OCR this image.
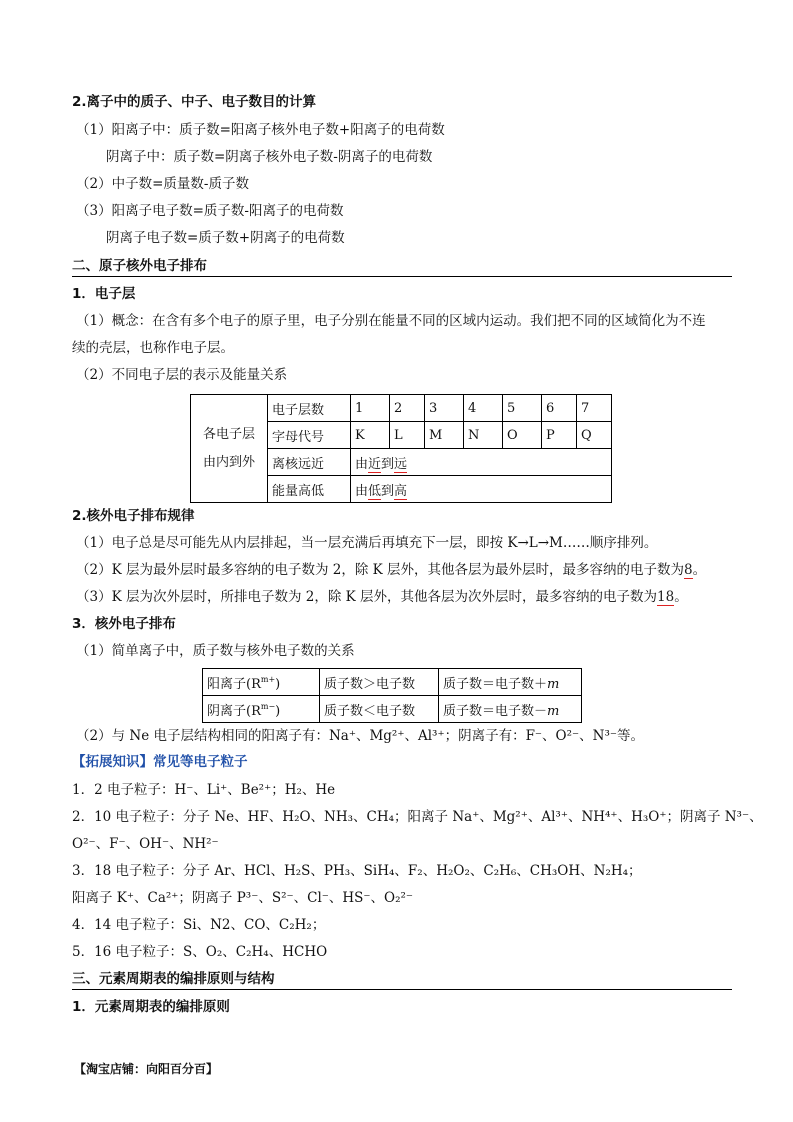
2.离子中的质子、中子、电子数目的计算
（1）阳离子中：质子数=阳离子核外电子数+阳离子的电荷数
阴离子中：质子数=阴离子核外电子数-阴离子的电荷数
（2）中子数=质量数-质子数
（3）阳离子电子数=质子数-阳离子的电荷数
阴离子电子数=质子数+阴离子的电荷数
二、原子核外电子排布
1．电子层
（1）概念：在含有多个电子的原子里，电子分别在能量不同的区域内运动。我们把不同的区域简化为不连
续的壳层，也称作电子层。
（2）不同电子层的表示及能量关系
各电子层
由内到外	电子层数	1	2	3	4	5	6	7
	字母代号	K	L	M	N	O	P	Q
	离核远近	由近到远						
	能量高低	由低到高						
2.核外电子排布规律
（1）电子总是尽可能先从内层排起，当一层充满后再填充下一层，即按 K→L→M……顺序排列。
（2）K 层为最外层时最多容纳的电子数为 2，除 K 层外，其他各层为最外层时，最多容纳的电子数为8。
（3）K 层为次外层时，所排电子数为 2，除 K 层外，其他各层为次外层时，最多容纳的电子数为18。
3．核外电子排布
（1）简单离子中，质子数与核外电子数的关系
阳离子$(R^{m+})$	质子数＞电子数	质子数＝电子数＋m
阴离子$(R^{m-})$	质子数＜电子数	质子数＝电子数－m
（2）与 Ne 电子层结构相同的阳离子有：Na⁺、Mg²⁺、Al³⁺；阴离子有：F⁻、O²⁻、N³⁻等。
【拓展知识】常见等电子粒子
1．2 电子粒子：H⁻、Li⁺、Be²⁺；H₂、He
2．10 电子粒子：分子 Ne、HF、H₂O、NH₃、CH₄；阳离子 Na⁺、Mg²⁺、Al³⁺、NH⁴⁺、H₃O⁺；阴离子 N³⁻、
O²⁻、F⁻、OH⁻、NH²⁻
3．18 电子粒子：分子 Ar、HCl、H₂S、PH₃、SiH₄、F₂、H₂O₂、C₂H₆、CH₃OH、N₂H₄；
阳离子 K⁺、Ca²⁺；阴离子 P³⁻、S²⁻、Cl⁻、HS⁻、O₂²⁻
4．14 电子粒子：Si、N2、CO、C₂H₂；
5．16 电子粒子：S、O₂、C₂H₄、HCHO
三、元素周期表的编排原则与结构
1．元素周期表的编排原则
【淘宝店铺：向阳百分百】
